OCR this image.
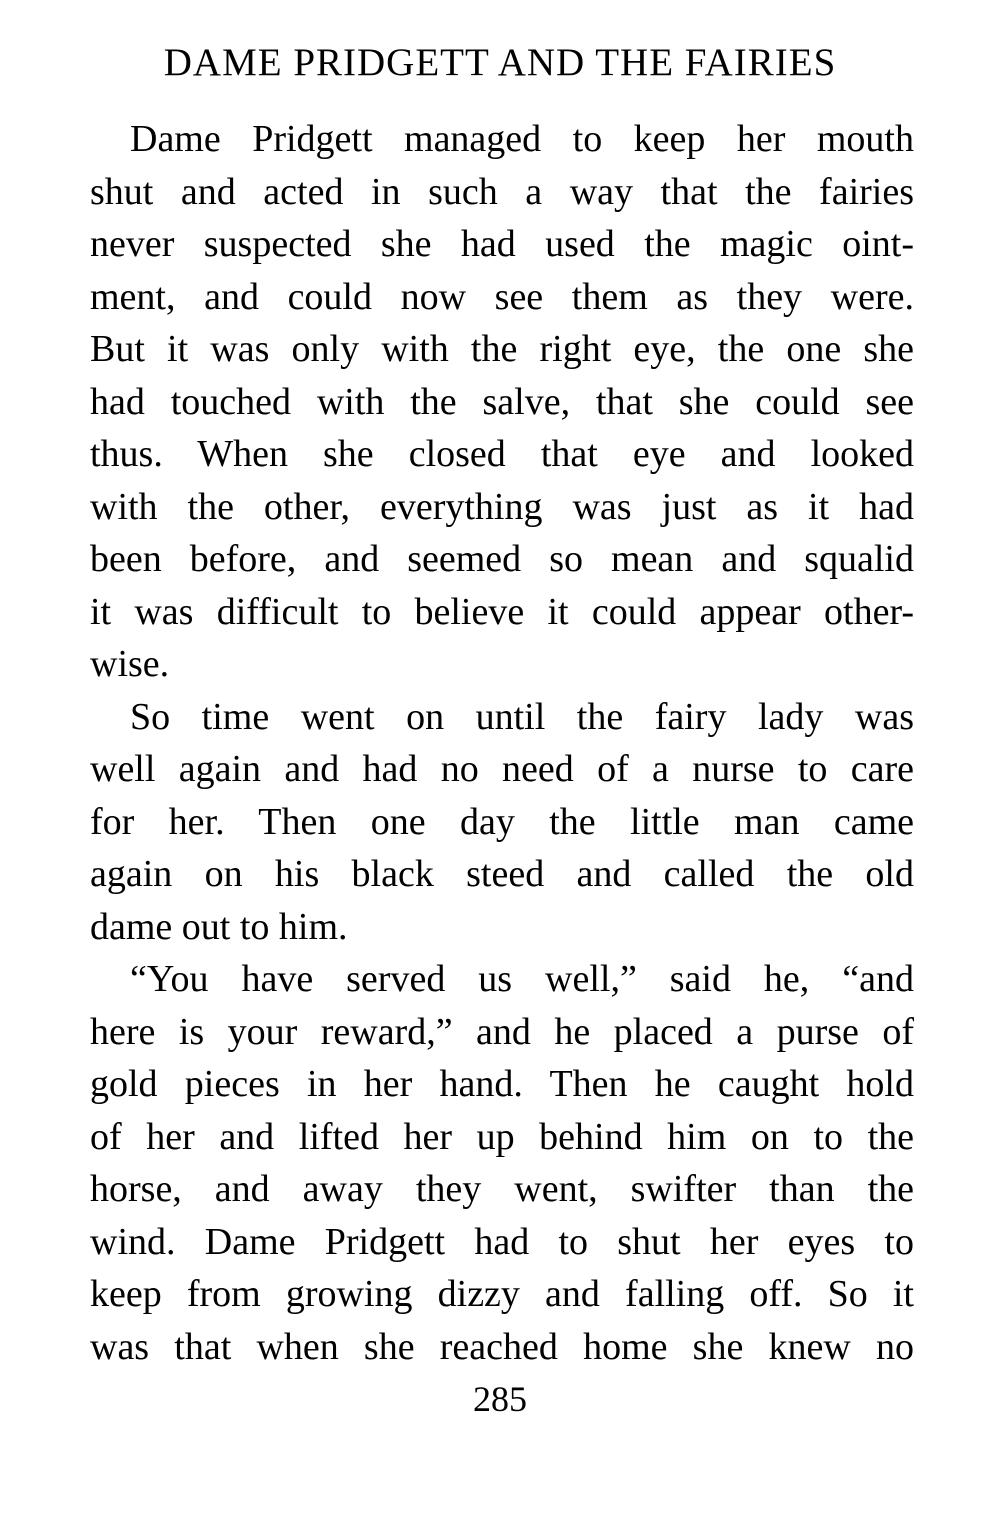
DAME PRIDGETT AND THE FAIRIES
Dame Pridgett managed to keep her mouth
shut and acted in such a way that the fairies
never suspected she had used the magic oint-
ment, and could now see them as they were.
But it was only with the right eye, the one she
had touched with the salve, that she could see
thus. When she closed that eye and looked
with the other, everything was just as it had
been before, and seemed so mean and squalid
it was difficult to believe it could appear other-
wise.
So time went on until the fairy lady was
well again and had no need of a nurse to care
for her. Then one day the little man came
again on his black steed and called the old
dame out to him.
“You have served us well,” said he, “and
here is your reward,” and he placed a purse of
gold pieces in her hand. Then he caught hold
of her and lifted her up behind him on to the
horse, and away they went, swifter than the
wind. Dame Pridgett had to shut her eyes to
keep from growing dizzy and falling off. So it
was that when she reached home she knew no
285
